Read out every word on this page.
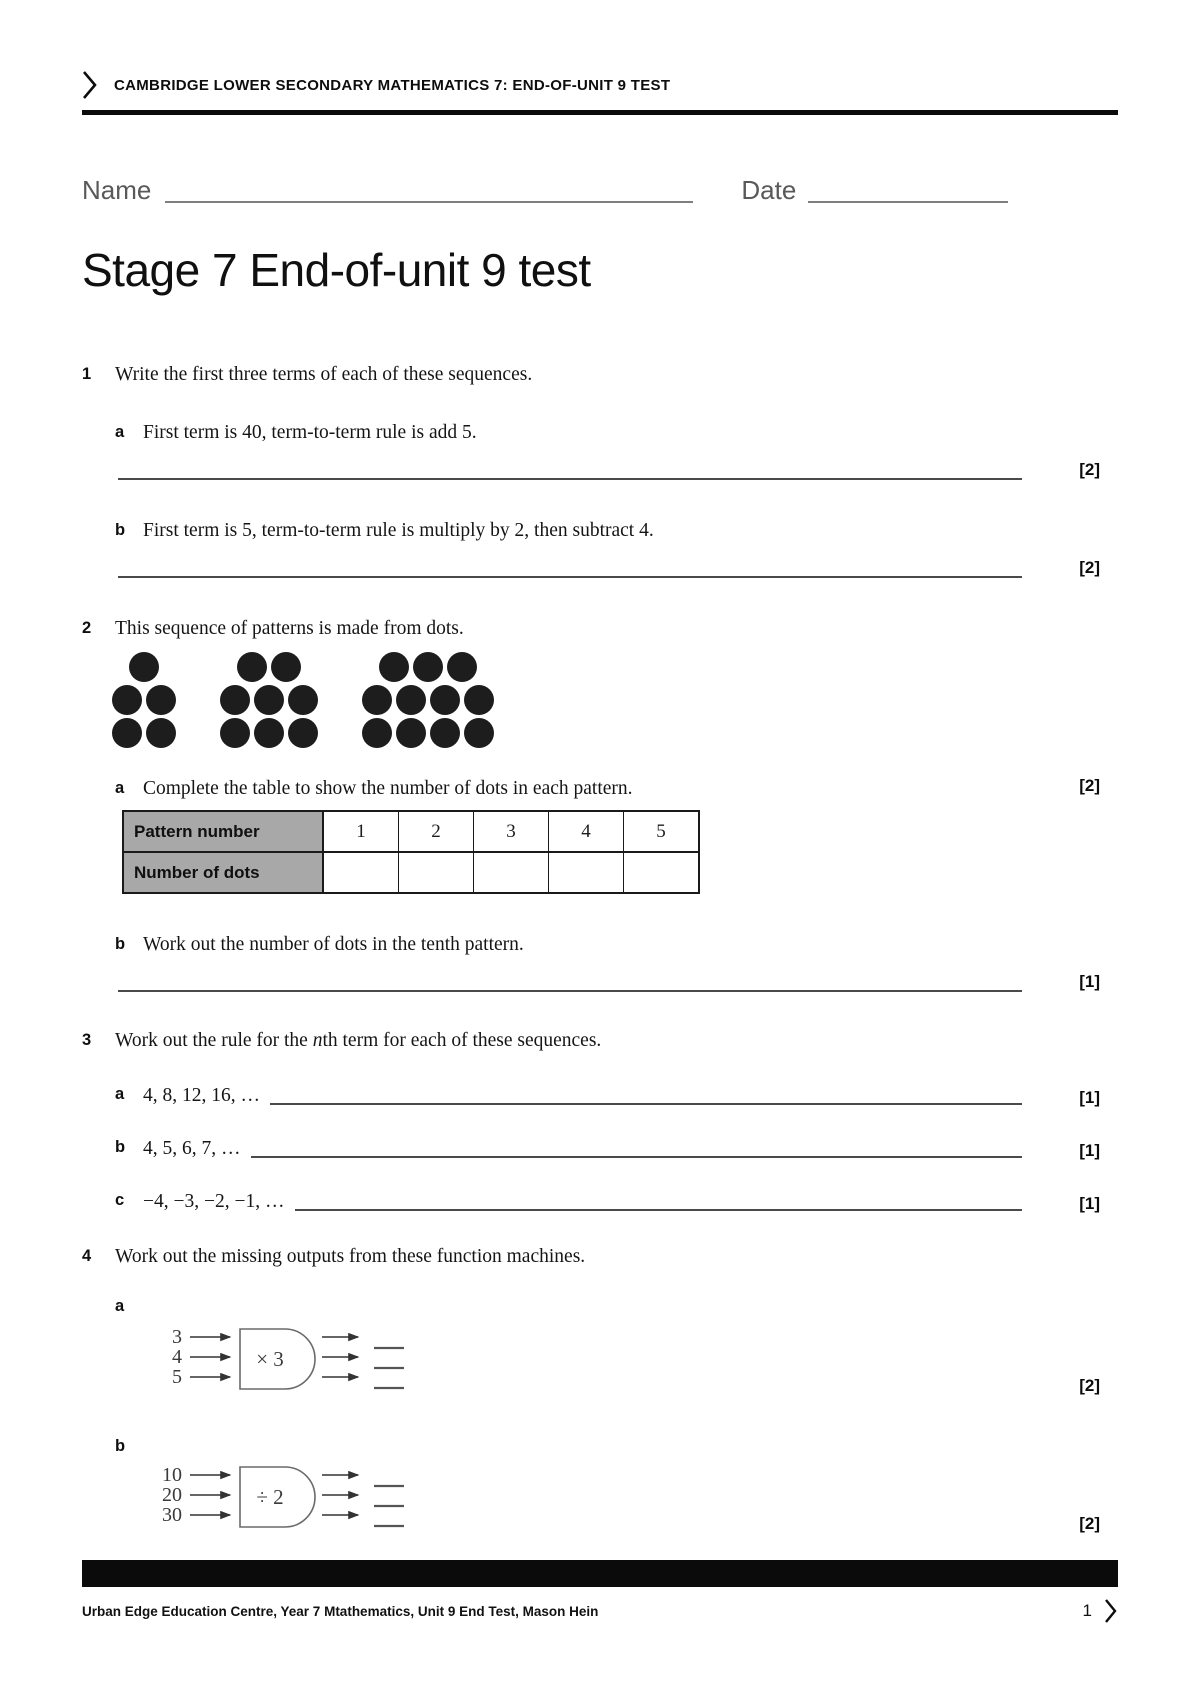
CAMBRIDGE LOWER SECONDARY MATHEMATICS 7: END-OF-UNIT 9 TEST
Name	Date
Stage 7 End-of-unit 9 test
1	Write the first three terms of each of these sequences.
a First term is 40, term-to-term rule is add 5.
[2]
b First term is 5, term-to-term rule is multiply by 2, then subtract 4.
[2]
2	This sequence of patterns is made from dots.
a Complete the table to show the number of dots in each pattern.	[2]
Pattern number	1	2	3	4	5
Number of dots					
b Work out the number of dots in the tenth pattern.
[1]
3	Work out the rule for the nth term for each of these sequences.
a 4, 8, 12, 16, …	[1]
b 4, 5, 6, 7, …	[1]
c −4, −3, −2, −1, …	[1]
4	Work out the missing outputs from these function machines.
a
3
4
5
× 3
[2]
b
10
20
30
÷ 2
[2]
Urban Edge Education Centre, Year 7 Mtathematics, Unit 9 End Test, Mason Hein	1
